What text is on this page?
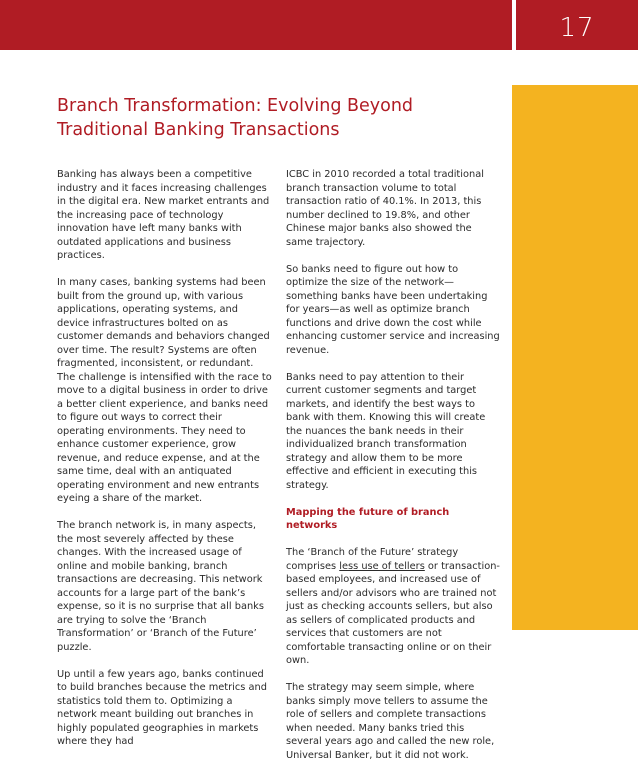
17
Branch Transformation: Evolving Beyond Traditional Banking Transactions

Banking has always been a competitive industry and it faces increasing challenges in the digital era. New market entrants and the increasing pace of technology innovation have left many banks with outdated applications and business practices.

In many cases, banking systems had been built from the ground up, with various applications, operating systems, and device infrastructures bolted on as customer demands and behaviors changed over time. The result? Systems are often fragmented, inconsistent, or redundant. The challenge is intensified with the race to move to a digital business in order to drive a better client experience, and banks need to figure out ways to correct their operating environments. They need to enhance customer experience, grow revenue, and reduce expense, and at the same time, deal with an antiquated operating environment and new entrants eyeing a share of the market.

The branch network is, in many aspects, the most severely affected by these changes. With the increased usage of online and mobile banking, branch transactions are decreasing. This network accounts for a large part of the bank’s expense, so it is no surprise that all banks are trying to solve the ‘Branch Transformation’ or ‘Branch of the Future’ puzzle.

Up until a few years ago, banks continued to build branches because the metrics and statistics told them to. Optimizing a network meant building out branches in highly populated geographies in markets where they had

ICBC in 2010 recorded a total traditional branch transaction volume to total transaction ratio of 40.1%. In 2013, this number declined to 19.8%, and other Chinese major banks also showed the same trajectory.

So banks need to figure out how to optimize the size of the network—something banks have been undertaking for years—as well as optimize branch functions and drive down the cost while enhancing customer service and increasing revenue.

Banks need to pay attention to their current customer segments and target markets, and identify the best ways to bank with them. Knowing this will create the nuances the bank needs in their individualized branch transformation strategy and allow them to be more effective and efficient in executing this strategy.

Mapping the future of branch networks

The ‘Branch of the Future’ strategy comprises less use of tellers or transaction-based employees, and increased use of sellers and/or advisors who are trained not just as checking accounts sellers, but also as sellers of complicated products and services that customers are not comfortable transacting online or on their own.

The strategy may seem simple, where banks simply move tellers to assume the role of sellers and complete transactions when needed. Many banks tried this several years ago and called the new role, Universal Banker, but it did not work.
